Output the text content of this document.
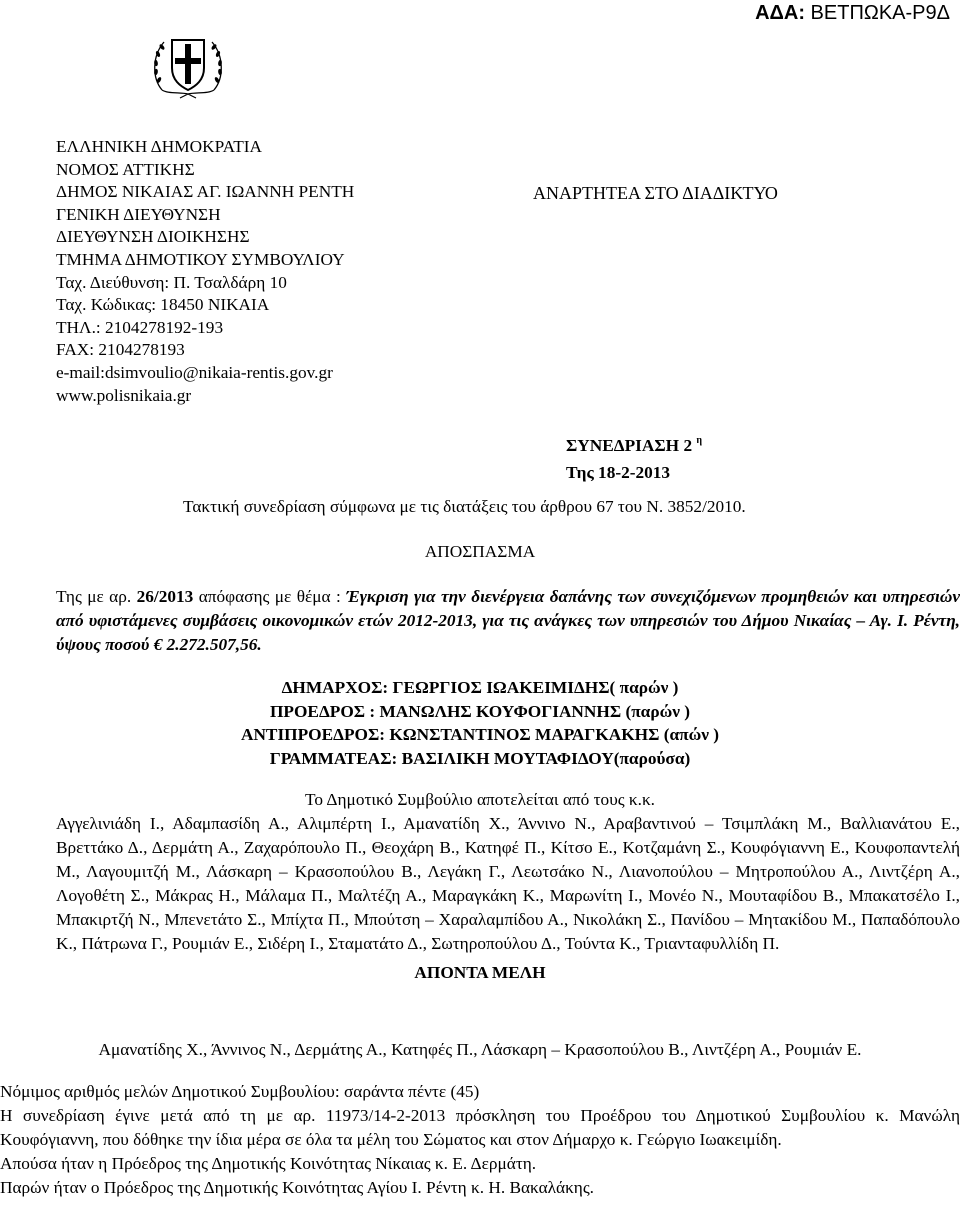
ΑΔΑ: ΒΕΤΠΩΚΑ-Ρ9Δ
ΕΛΛΗΝΙΚΗ ΔΗΜΟΚΡΑΤΙΑ
ΝΟΜΟΣ ΑΤΤΙΚΗΣ
ΔΗΜΟΣ ΝΙΚΑΙΑΣ ΑΓ. ΙΩΑΝΝΗ ΡΕΝΤΗ
ΓΕΝΙΚΗ ΔΙΕΥΘΥΝΣΗ
ΔΙΕΥΘΥΝΣΗ ΔΙΟΙΚΗΣΗΣ
ΤΜΗΜΑ ΔΗΜΟΤΙΚΟΥ ΣΥΜΒΟΥΛΙΟΥ
Ταχ. Διεύθυνση: Π. Τσαλδάρη 10
Ταχ. Κώδικας: 18450 ΝΙΚΑΙΑ
ΤΗΛ.: 2104278192-193
FAX: 2104278193
e-mail:dsimvoulio@nikaia-rentis.gov.gr
www.polisnikaia.gr
ΑΝΑΡΤΗΤΕΑ ΣΤΟ ΔΙΑΔΙΚΤΥΟ
ΣΥΝΕΔΡΙΑΣΗ 2 $^\eta$
Της 18-2-2013
Τακτική συνεδρίαση σύμφωνα με τις διατάξεις του άρθρου 67 του Ν. 3852/2010.
ΑΠΟΣΠΑΣΜΑ
Της με αρ. 26/2013 απόφασης με θέμα : Έγκριση για την διενέργεια δαπάνης των συνεχιζόμενων προμηθειών και υπηρεσιών από υφιστάμενες συμβάσεις οικονομικών ετών 2012-2013, για τις ανάγκες των υπηρεσιών του Δήμου Νικαίας – Αγ. Ι. Ρέντη, ύψους ποσού € 2.272.507,56.
ΔΗΜΑΡΧΟΣ: ΓΕΩΡΓΙΟΣ ΙΩΑΚΕΙΜΙΔΗΣ( παρών )
ΠΡΟΕΔΡΟΣ : ΜΑΝΩΛΗΣ ΚΟΥΦΟΓΙΑΝΝΗΣ (παρών )
ΑΝΤΙΠΡΟΕΔΡΟΣ: ΚΩΝΣΤΑΝΤΙΝΟΣ ΜΑΡΑΓΚΑΚΗΣ (απών )
ΓΡΑΜΜΑΤΕΑΣ: ΒΑΣΙΛΙΚΗ ΜΟΥΤΑΦΙΔΟΥ(παρούσα)
Το Δημοτικό Συμβούλιο αποτελείται από τους κ.κ.
Αγγελινιάδη Ι., Αδαμπασίδη Α., Αλιμπέρτη Ι., Αμανατίδη Χ., Άννινο Ν., Αραβαντινού – Τσιμπλάκη Μ., Βαλλιανάτου Ε., Βρεττάκο Δ., Δερμάτη Α., Ζαχαρόπουλο Π., Θεοχάρη Β., Κατηφέ Π., Κίτσο Ε., Κοτζαμάνη Σ., Κουφόγιαννη Ε., Κουφοπαντελή Μ., Λαγουμιτζή Μ., Λάσκαρη – Κρασοπούλου Β., Λεγάκη Γ., Λεωτσάκο Ν., Λιανοπούλου – Μητροπούλου Α., Λιντζέρη Α., Λογοθέτη Σ., Μάκρας Η., Μάλαμα Π., Μαλτέζη Α., Μαραγκάκη Κ., Μαρωνίτη Ι., Μονέο Ν., Μουταφίδου Β., Μπακατσέλο Ι., Μπακιρτζή Ν., Μπενετάτο Σ., Μπίχτα Π., Μπούτση – Χαραλαμπίδου Α., Νικολάκη Σ., Πανίδου – Μητακίδου Μ., Παπαδόπουλο Κ., Πάτρωνα Γ., Ρουμιάν Ε., Σιδέρη Ι., Σταματάτο Δ., Σωτηροπούλου Δ., Τούντα Κ., Τριανταφυλλίδη Π.
ΑΠΟΝΤΑ ΜΕΛΗ
Αμανατίδης Χ., Άννινος Ν., Δερμάτης Α., Κατηφές Π., Λάσκαρη – Κρασοπούλου Β., Λιντζέρη Α., Ρουμιάν Ε.

Νόμιμος αριθμός μελών Δημοτικού Συμβουλίου: σαράντα πέντε (45)

Η συνεδρίαση έγινε μετά από τη με αρ. 11973/14-2-2013 πρόσκληση του Προέδρου του Δημοτικού Συμβουλίου κ. Μανώλη Κουφόγιαννη, που δόθηκε την ίδια μέρα σε όλα τα μέλη του Σώματος και στον Δήμαρχο κ. Γεώργιο Ιωακειμίδη.

Απούσα ήταν η Πρόεδρος της Δημοτικής Κοινότητας Νίκαιας κ. Ε. Δερμάτη.

Παρών ήταν ο Πρόεδρος της Δημοτικής Κοινότητας Αγίου Ι. Ρέντη κ. Η. Βακαλάκης.
